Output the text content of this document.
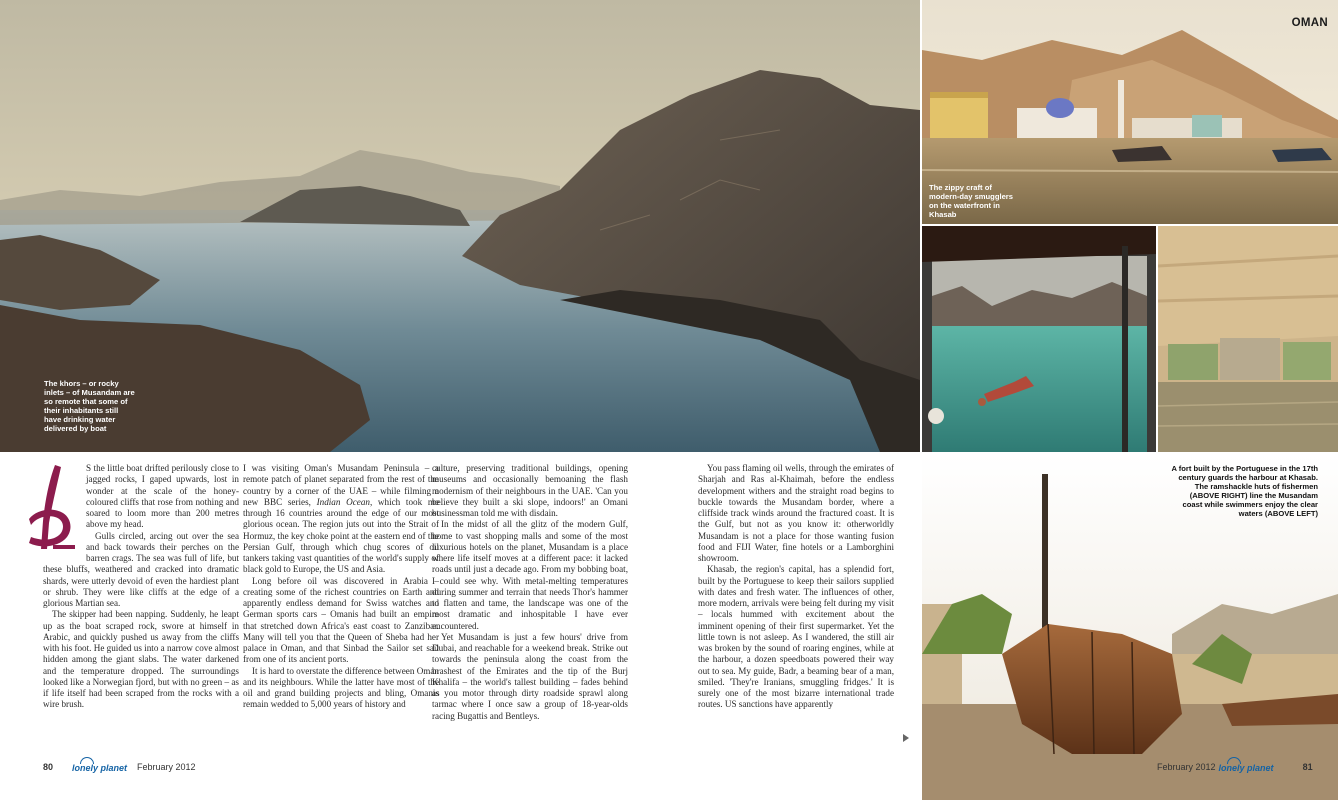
The khors – or rocky inlets – of Musandam are so remote that some of their inhabitants still have drinking water delivered by boat
The zippy craft of modern-day smugglers on the waterfront in Khasab
A fort built by the Portuguese in the 17th century guards the harbour at Khasab. The ramshackle huts of fishermen (ABOVE RIGHT) line the Musandam coast while swimmers enjoy the clear waters (ABOVE LEFT)
OMAN

S the little boat drifted perilously close to jagged rocks, I gaped upwards, lost in wonder at the scale of the honey-coloured cliffs that rose from nothing and soared to loom more than 200 metres above my head.

Gulls circled, arcing out over the sea and back towards their perches on the barren crags. The sea was full of life, but these bluffs, weathered and cracked into dramatic shards, were utterly devoid of even the hardiest plant or shrub. They were like cliffs at the edge of a glorious Martian sea.

The skipper had been napping. Suddenly, he leapt up as the boat scraped rock, swore at himself in Arabic, and quickly pushed us away from the cliffs with his foot. He guided us into a narrow cove almost hidden among the giant slabs. The water darkened and the temperature dropped. The surroundings looked like a Norwegian fjord, but with no green – as if life itself had been scraped from the rocks with a wire brush.

I was visiting Oman's Musandam Peninsula – a remote patch of planet separated from the rest of the country by a corner of the UAE – while filming a new BBC series, Indian Ocean, which took me through 16 countries around the edge of our most glorious ocean. The region juts out into the Strait of Hormuz, the key choke point at the eastern end of the Persian Gulf, through which chug scores of oil tankers taking vast quantities of the world's supply of black gold to Europe, the US and Asia.

Long before oil was discovered in Arabia – creating some of the richest countries on Earth and apparently endless demand for Swiss watches and German sports cars – Omanis had built an empire that stretched down Africa's east coast to Zanzibar. Many will tell you that the Queen of Sheba had her palace in Oman, and that Sinbad the Sailor set sail from one of its ancient ports.

It is hard to overstate the difference between Oman and its neighbours. While the latter have most of the oil and grand building projects and bling, Omanis remain wedded to 5,000 years of history and

culture, preserving traditional buildings, opening museums and occasionally bemoaning the flash modernism of their neighbours in the UAE. 'Can you believe they built a ski slope, indoors!' an Omani businessman told me with disdain.

In the midst of all the glitz of the modern Gulf, home to vast shopping malls and some of the most luxurious hotels on the planet, Musandam is a place where life itself moves at a different pace: it lacked roads until just a decade ago. From my bobbing boat, I could see why. With metal-melting temperatures during summer and terrain that needs Thor's hammer to flatten and tame, the landscape was one of the most dramatic and inhospitable I have ever encountered.

Yet Musandam is just a few hours' drive from Dubai, and reachable for a weekend break. Strike out towards the peninsula along the coast from the brashest of the Emirates and the tip of the Burj Khalifa – the world's tallest building – fades behind as you motor through dirty roadside sprawl along tarmac where I once saw a group of 18-year-olds racing Bugattis and Bentleys.

You pass flaming oil wells, through the emirates of Sharjah and Ras al-Khaimah, before the endless development withers and the straight road begins to buckle towards the Musandam border, where a cliffside track winds around the fractured coast. It is the Gulf, but not as you know it: otherworldly Musandam is not a place for those wanting fusion food and FIJI Water, fine hotels or a Lamborghini showroom.

Khasab, the region's capital, has a splendid fort, built by the Portuguese to keep their sailors supplied with dates and fresh water. The influences of other, more modern, arrivals were being felt during my visit – locals hummed with excitement about the imminent opening of their first supermarket. Yet the little town is not asleep. As I wandered, the still air was broken by the sound of roaring engines, while at the harbour, a dozen speedboats powered their way out to sea. My guide, Badr, a beaming bear of a man, smiled. 'They're Iranians, smuggling fridges.' It is surely one of the most bizarre international trade routes. US sanctions have apparently

80 lonely planet February 2012	February 2012 lonely planet	81
